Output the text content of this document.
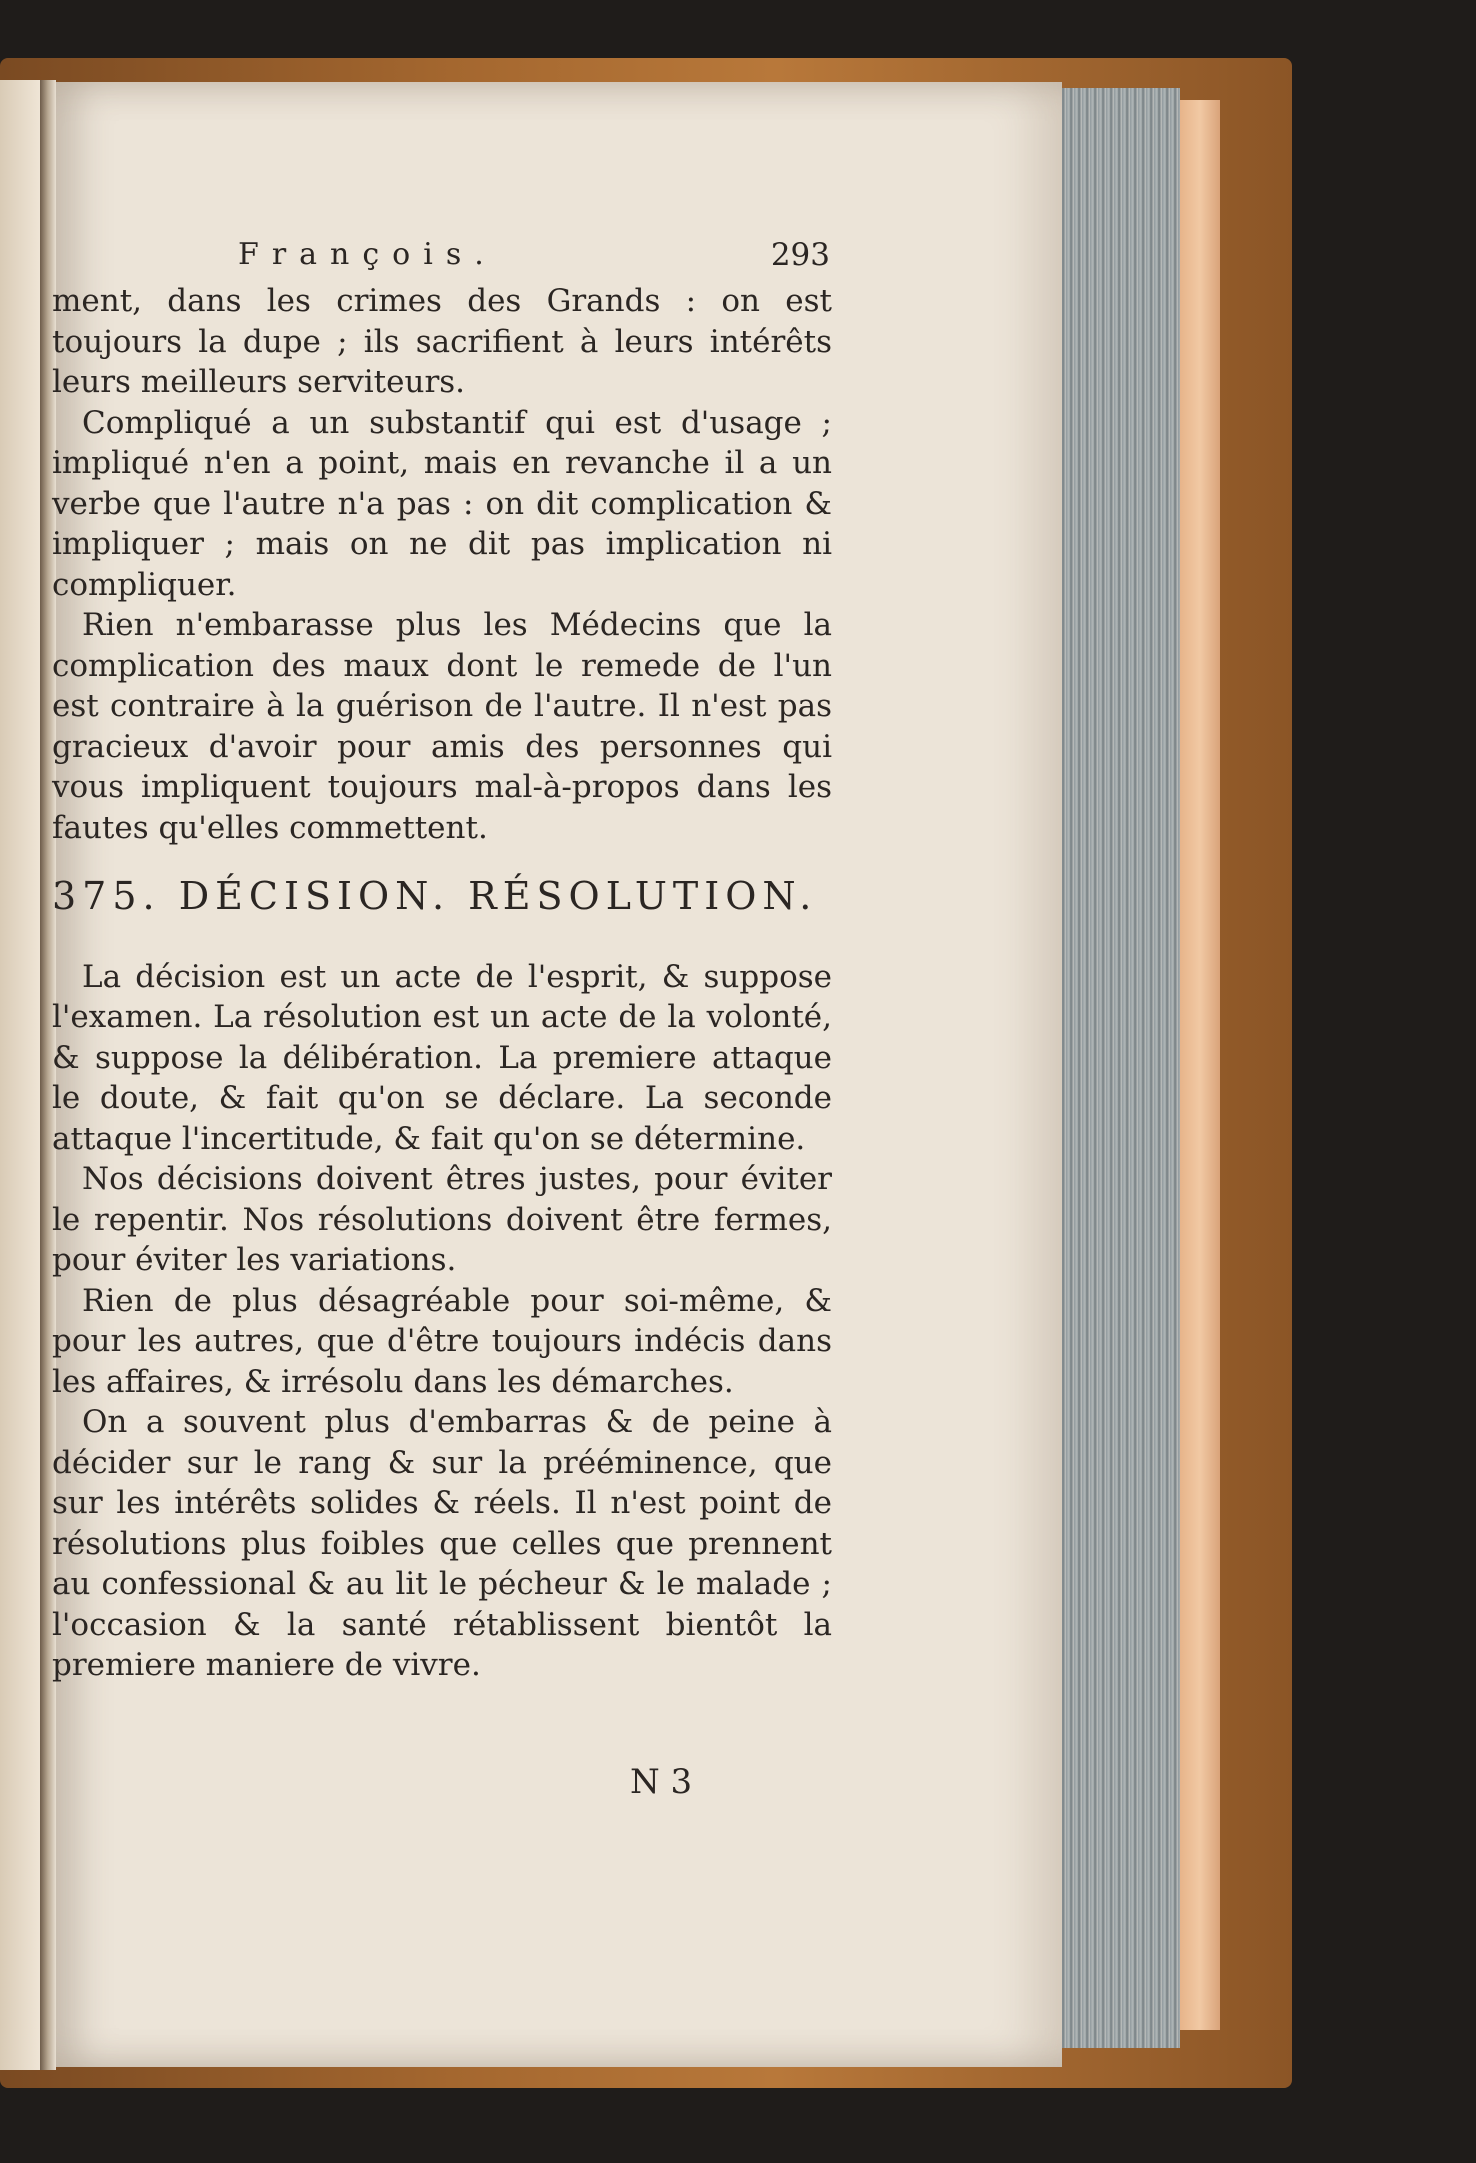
François.	293

ment, dans les crimes des Grands : on est toujours la dupe ; ils sacrifient à leurs intérêts leurs meilleurs serviteurs.

Compliqué a un substantif qui est d'usage ; impliqué n'en a point, mais en revanche il a un verbe que l'autre n'a pas : on dit complication & impliquer ; mais on ne dit pas implication ni compliquer.

Rien n'embarasse plus les Médecins que la complication des maux dont le remede de l'un est contraire à la guérison de l'autre. Il n'est pas gracieux d'avoir pour amis des personnes qui vous impliquent toujours mal-à-propos dans les fautes qu'elles commettent.

375. DÉCISION. RÉSOLUTION.

La décision est un acte de l'esprit, & suppose l'examen. La résolution est un acte de la volonté, & suppose la délibération. La premiere attaque le doute, & fait qu'on se déclare. La seconde attaque l'incertitude, & fait qu'on se détermine.

Nos décisions doivent êtres justes, pour éviter le repentir. Nos résolutions doivent être fermes, pour éviter les variations.

Rien de plus désagréable pour soi-même, & pour les autres, que d'être toujours indécis dans les affaires, & irrésolu dans les démarches.

On a souvent plus d'embarras & de peine à décider sur le rang & sur la prééminence, que sur les intérêts solides & réels. Il n'est point de résolutions plus foibles que celles que prennent au confessional & au lit le pécheur & le malade ; l'occasion & la santé rétablissent bientôt la premiere maniere de vivre.

N 3
